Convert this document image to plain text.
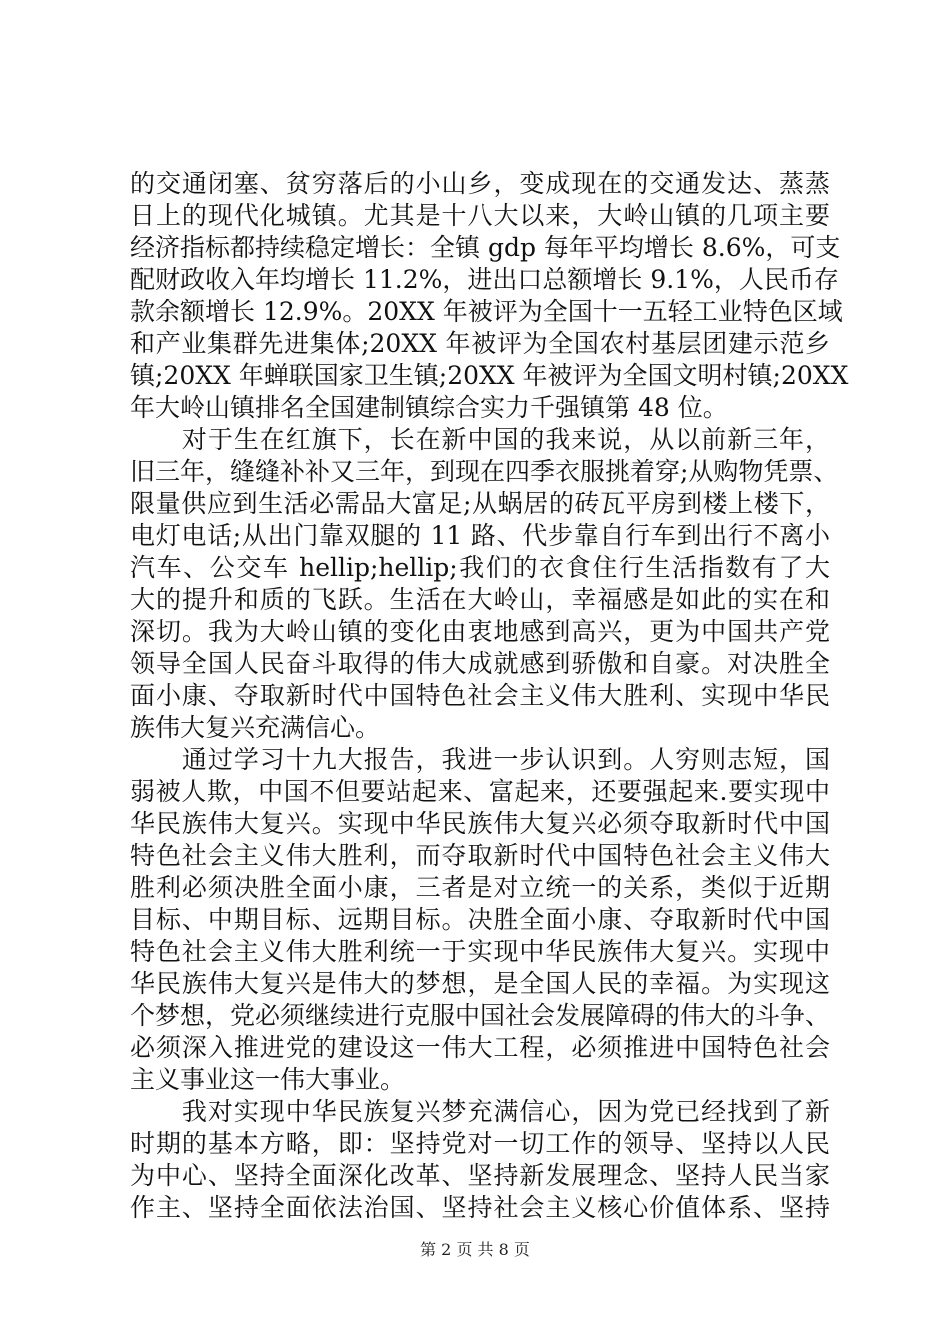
的交通闭塞、贫穷落后的小山乡，变成现在的交通发达、蒸蒸
日上的现代化城镇。尤其是十八大以来，大岭山镇的几项主要
经济指标都持续稳定增长：全镇 gdp 每年平均增长 8.6%，可支
配财政收入年均增长 11.2%，进出口总额增长 9.1%，人民币存
款余额增长 12.9%。20XX 年被评为全国十一五轻工业特色区域
和产业集群先进集体;20XX 年被评为全国农村基层团建示范乡
镇;20XX 年蝉联国家卫生镇;20XX 年被评为全国文明村镇;20XX
年大岭山镇排名全国建制镇综合实力千强镇第 48 位。
　　对于生在红旗下，长在新中国的我来说，从以前新三年，
旧三年，缝缝补补又三年，到现在四季衣服挑着穿;从购物凭票、
限量供应到生活必需品大富足;从蜗居的砖瓦平房到楼上楼下，
电灯电话;从出门靠双腿的 11 路、代步靠自行车到出行不离小
汽车、公交车 hellip;hellip;我们的衣食住行生活指数有了大
大的提升和质的飞跃。生活在大岭山，幸福感是如此的实在和
深切。我为大岭山镇的变化由衷地感到高兴，更为中国共产党
领导全国人民奋斗取得的伟大成就感到骄傲和自豪。对决胜全
面小康、夺取新时代中国特色社会主义伟大胜利、实现中华民
族伟大复兴充满信心。
　　通过学习十九大报告，我进一步认识到。人穷则志短，国
弱被人欺，中国不但要站起来、富起来，还要强起来.要实现中
华民族伟大复兴。实现中华民族伟大复兴必须夺取新时代中国
特色社会主义伟大胜利，而夺取新时代中国特色社会主义伟大
胜利必须决胜全面小康，三者是对立统一的关系，类似于近期
目标、中期目标、远期目标。决胜全面小康、夺取新时代中国
特色社会主义伟大胜利统一于实现中华民族伟大复兴。实现中
华民族伟大复兴是伟大的梦想，是全国人民的幸福。为实现这
个梦想，党必须继续进行克服中国社会发展障碍的伟大的斗争、
必须深入推进党的建设这一伟大工程，必须推进中国特色社会
主义事业这一伟大事业。
　　我对实现中华民族复兴梦充满信心，因为党已经找到了新
时期的基本方略，即：坚持党对一切工作的领导、坚持以人民
为中心、坚持全面深化改革、坚持新发展理念、坚持人民当家
作主、坚持全面依法治国、坚持社会主义核心价值体系、坚持
第 2 页 共 8 页
